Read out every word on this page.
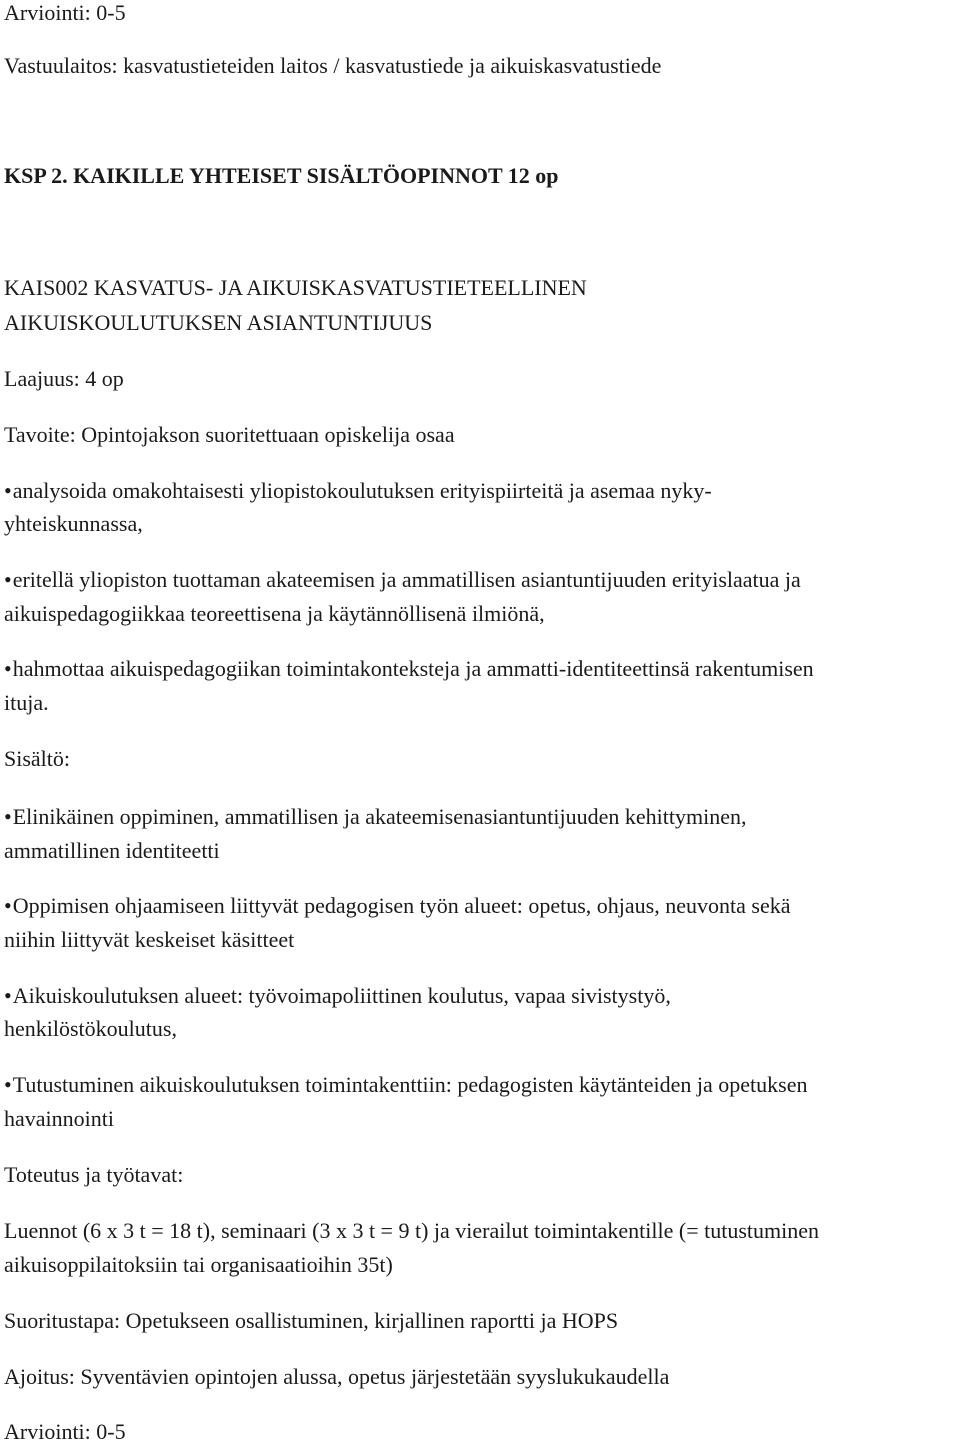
Arviointi: 0-5
Vastuulaitos: kasvatustieteiden laitos / kasvatustiede ja aikuiskasvatustiede
KSP 2. KAIKILLE YHTEISET SISÄLTÖOPINNOT 12 op
KAIS002 KASVATUS- JA AIKUISKASVATUSTIETEELLINEN
AIKUISKOULUTUKSEN ASIANTUNTIJUUS
Laajuus: 4 op
Tavoite: Opintojakson suoritettuaan opiskelija osaa
•analysoida omakohtaisesti yliopistokoulutuksen erityispiirteitä ja asemaa nyky-
yhteiskunnassa,
•eritellä yliopiston tuottaman akateemisen ja ammatillisen asiantuntijuuden erityislaatua ja
aikuispedagogiikkaa teoreettisena ja käytännöllisenä ilmiönä,
•hahmottaa aikuispedagogiikan toimintakonteksteja ja ammatti-identiteettinsä rakentumisen
ituja.
Sisältö:
•Elinikäinen oppiminen, ammatillisen ja akateemisenasiantuntijuuden kehittyminen,
ammatillinen identiteetti
•Oppimisen ohjaamiseen liittyvät pedagogisen työn alueet: opetus, ohjaus, neuvonta sekä
niihin liittyvät keskeiset käsitteet
•Aikuiskoulutuksen alueet: työvoimapoliittinen koulutus, vapaa sivistystyö,
henkilöstökoulutus,
•Tutustuminen aikuiskoulutuksen toimintakenttiin: pedagogisten käytänteiden ja opetuksen
havainnointi
Toteutus ja työtavat:
Luennot (6 x 3 t = 18 t), seminaari (3 x 3 t = 9 t) ja vierailut toimintakentille (= tutustuminen
aikuisoppilaitoksiin tai organisaatioihin 35t)
Suoritustapa: Opetukseen osallistuminen, kirjallinen raportti ja HOPS
Ajoitus: Syventävien opintojen alussa, opetus järjestetään syyslukukaudella
Arviointi: 0-5
